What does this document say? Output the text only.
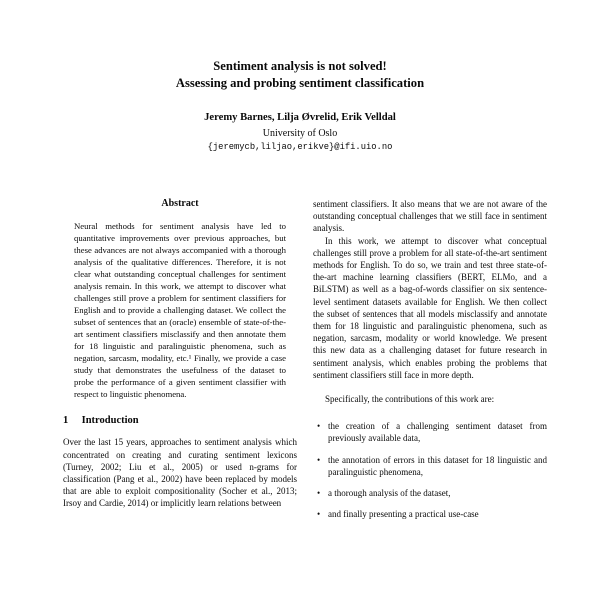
Sentiment analysis is not solved!
Assessing and probing sentiment classification
Jeremy Barnes, Lilja Øvrelid, Erik Velldal
University of Oslo
{jeremycb,liljao,erikve}@ifi.uio.no
Abstract

Neural methods for sentiment analysis have led to quantitative improvements over previous approaches, but these advances are not always accompanied with a thorough analysis of the qualitative differences. Therefore, it is not clear what outstanding conceptual challenges for sentiment analysis remain. In this work, we attempt to discover what challenges still prove a problem for sentiment classifiers for English and to provide a challenging dataset. We collect the subset of sentences that an (oracle) ensemble of state-of-the-art sentiment classifiers misclassify and then annotate them for 18 linguistic and paralinguistic phenomena, such as negation, sarcasm, modality, etc.¹ Finally, we provide a case study that demonstrates the usefulness of the dataset to probe the performance of a given sentiment classifier with respect to linguistic phenomena.

1 Introduction

Over the last 15 years, approaches to sentiment analysis which concentrated on creating and curating sentiment lexicons (Turney, 2002; Liu et al., 2005) or used n-grams for classification (Pang et al., 2002) have been replaced by models that are able to exploit compositionality (Socher et al., 2013; Irsoy and Cardie, 2014) or implicitly learn relations between

sentiment classifiers. It also means that we are not aware of the outstanding conceptual challenges that we still face in sentiment analysis.

In this work, we attempt to discover what conceptual challenges still prove a problem for all state-of-the-art sentiment methods for English. To do so, we train and test three state-of-the-art machine learning classifiers (BERT, ELMo, and a BiLSTM) as well as a bag-of-words classifier on six sentence-level sentiment datasets available for English. We then collect the subset of sentences that all models misclassify and annotate them for 18 linguistic and paralinguistic phenomena, such as negation, sarcasm, modality or world knowledge. We present this new data as a challenging dataset for future research in sentiment analysis, which enables probing the problems that sentiment classifiers still face in more depth.

Specifically, the contributions of this work are:

• the creation of a challenging sentiment dataset from previously available data,
• the annotation of errors in this dataset for 18 linguistic and paralinguistic phenomena,
• a thorough analysis of the dataset,
• and finally presenting a practical use-case
